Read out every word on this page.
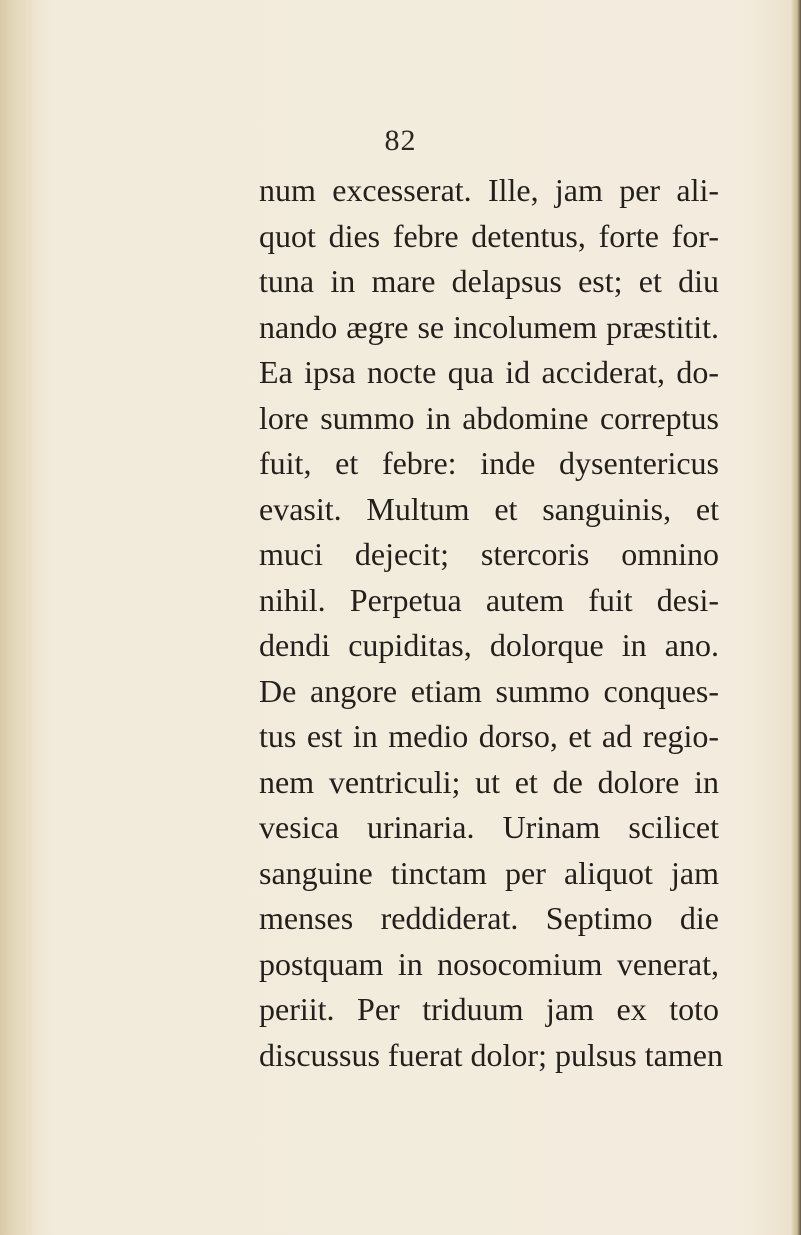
82
num excesserat. Ille, jam per ali-
quot dies febre detentus, forte for-
tuna in mare delapsus est; et diu
nando ægre se incolumem præstitit.
Ea ipsa nocte qua id acciderat, do-
lore summo in abdomine correptus
fuit, et febre: inde dysentericus
evasit. Multum et sanguinis, et
muci dejecit; stercoris omnino
nihil. Perpetua autem fuit desi-
dendi cupiditas, dolorque in ano.
De angore etiam summo conques-
tus est in medio dorso, et ad regio-
nem ventriculi; ut et de dolore in
vesica urinaria. Urinam scilicet
sanguine tinctam per aliquot jam
menses reddiderat. Septimo die
postquam in nosocomium venerat,
periit. Per triduum jam ex toto
discussus fuerat dolor; pulsus tamen
